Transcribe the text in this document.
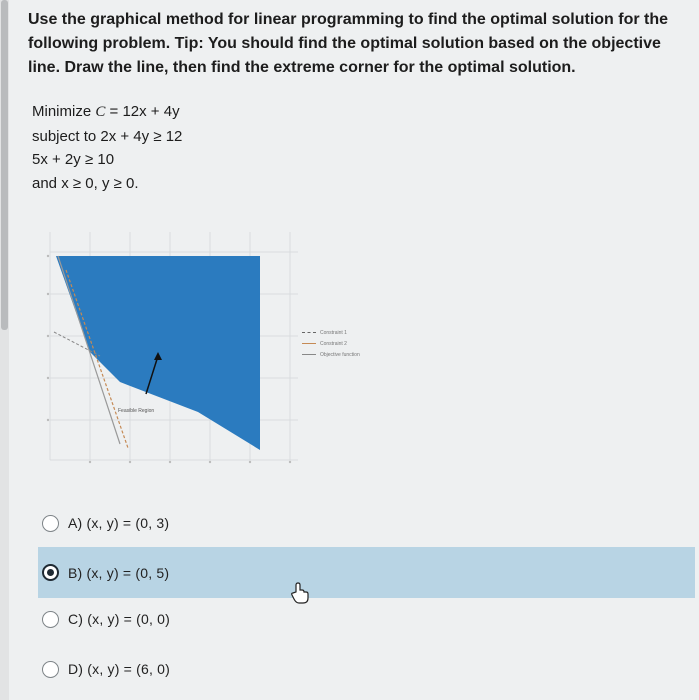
Use the graphical method for linear programming to find the optimal solution for the following problem. Tip: You should find the optimal solution based on the objective line. Draw the line, then find the extreme corner for the optimal solution.
Minimize C = 12x + 4y
subject to 2x + 4y ≥ 12
5x + 2y ≥ 10
and x ≥ 0, y ≥ 0.
Feasible Region
Constraint 1
Constraint 2
Objective function
A) (x, y) = (0, 3)
B) (x, y) = (0, 5)
C) (x, y) = (0, 0)
D) (x, y) = (6, 0)
